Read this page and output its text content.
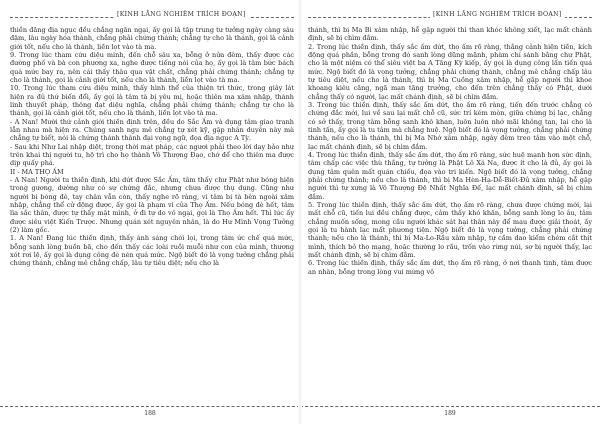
[KINH LĂNG NGHIÊM TRÍCH ĐOẠN]

thiền đăng địa ngục đều chẳng ngăn ngại, ấy gọi là tập trung tư tưởng ngày càng sâu đậm, lâu ngày hóa thành, chẳng phải chứng thánh; chẳng tự cho là thánh, gọi là cảnh giới tốt, nếu cho là thánh, liền lọt vào tà ma.

9. Trong lúc tham cứu diệu minh, đến chỗ sâu xa, bỗng ở nửa đêm, thấy được các đường phố và bà con phương xa, nghe được tiếng nói của họ, ấy gọi là tâm bức bách quá mức bay ra, nên cái thấy thâu qua vật chất, chẳng phải chứng thánh; chẳng tự cho là thánh, gọi là cảnh giới tốt, nếu cho là thánh, liền lọt vào tà ma.

10. Trong lúc tham cứu diệu minh, thấy hình thể của thiện tri thức, trong giây lát hiện ra đủ thứ biến đổi, ấy gọi là tâm tà bị yêu mị, hoặc thiên ma xâm nhập, thành linh thuyết pháp, thông đạt diệu nghĩa, chẳng phải chứng thánh; chẳng tự cho là thánh, gọi là cảnh giới tốt, nếu cho là thánh, liền lọt vào tà ma.

- A Nan! Mười thứ cảnh giới thiền định trên, đều do Sắc Ấm và dụng tâm giao tranh lẫn nhau mà hiện ra. Chúng sanh ngu mê chẳng tự xét kỹ, gặp nhân duyên này mà chẳng tự biết, nói là chứng thánh thành đại vọng ngữ, đọa địa ngục A Tỳ.

- Sau khi Như Lai nhập diệt, trong thời mạt pháp, các ngươi phải theo lời dạy bảo như trên khai thị người tu, hộ trì cho họ thành Vô Thượng Đạo, chớ để cho thiên ma được dịp quấy phá.

II - MA THỌ ẤM

- A Nan! Người tu thiền định, khi dứt được Sắc Ấm, tâm thấy chư Phật như bóng hiện trong gương, dường như có sự chứng đắc, nhưng chưa được thụ dụng. Cũng như người bị bóng đè, tay chân vẫn còn, thấy nghe rõ ràng, vì tâm bị tà bên ngoài xâm nhập, chẳng thể cử động được, ấy gọi là phạm vi của Thọ Ấm. Nếu bóng đè hết, tâm lìa sắc thân, được tự thấy mặt mình, ở đi tự do vô ngại, gọi là Thọ Ấm hết. Thì lúc ấy được siêu việt Kiến Trược. Nhưng quán xét nguyên nhân, là do Hư Minh Vọng Tưởng (2) làm gốc.

1. A Nan! Đang lúc thiền định, thấy ánh sáng chói lọi, trong tâm ức chế quá mức, bỗng sanh lòng buồn bã, cho đến thấy các loài ruồi muỗi như con của mình, thương xót rơi lệ, ấy gọi là dụng công đè nén quá mức. Ngộ biết đó là vọng tưởng chẳng phải chứng thánh, chẳng mê chẳng chấp, lâu tự tiêu diệt; nếu cho là

188
[KINH LĂNG NGHIÊM TRÍCH ĐOẠN]

thánh, thì bị Ma Bi xâm nhập, hễ gặp người thì than khóc không xiết, lạc mất chánh định, sẽ bị chìm đắm.

2. Trong lúc thiền định, thấy sắc ấm dứt, thọ ấm rõ ràng, thắng cảnh hiện tiền, kích động quá phần, bỗng trong đó sanh lòng dũng mãnh, phàm chí sánh bằng chư Phật, cho là một niệm có thể siêu việt ba A Tăng Kỳ kiếp, ấy gọi là dụng công lấn tiến quá mức. Ngộ biết đó là vọng tưởng, chẳng phải chứng thánh, chẳng mê chẳng chấp lâu tự tiêu diệt, nếu cho là thánh, thì bị Ma Cuồng xâm nhập, hễ gặp người thì khoe khoang kiêu căng, ngã mạn tăng trưởng, cho đến trên chẳng thấy có Phật, dưới chẳng thấy có người, lạc mất chánh định, sẽ bị chìm đắm.

3. Trong lúc thiền định, thấy sắc ấm dứt, thọ ấm rõ ràng, tiến đến trước chẳng có chứng đắc mới, lui về sau lại mất chỗ cũ, sức trí kém mòn, giữa chừng bị lạc, chẳng có sở thấy, trong tâm bỗng sanh khô khan, luôn luôn nhớ mãi không tan, lại cho là tinh tấn, ấy gọi là tu tâm mà chẳng huệ. Ngộ biết đó là vọng tưởng, chẳng phải chứng thánh, nếu cho là thánh, thì bị Ma Nhớ xâm nhập, ngày đêm treo tâm vào một chỗ, lạc mất chánh định, sẽ bị chìm đắm.

4. Trong lúc thiền định, thấy sắc ấm dứt, thọ ấm rõ ràng, sức huệ mạnh hơn sức định, tâm chấp các việc thù thắng, tự tưởng là Phật Lô Xá Na, được ít cho là đủ, ấy gọi là dụng tâm quên mất quán chiếu, đọa vào tri kiến. Ngộ biết đó là vọng tưởng, chẳng phải chứng thánh; nếu cho là thánh, thì bị Ma Hèn-Hạ-Dễ-Biết-Đủ xâm nhập, hễ gặp người thì tự xưng là Vô Thượng Đệ Nhất Nghĩa Đế, lạc mất chánh định, sẽ bị chìm đắm.

5. Trong lúc thiền định, thấy sắc ấm dứt, thọ ấm rõ ràng, chưa được chứng mới, lại mất chỗ cũ, tiến lui đều chẳng được, cảm thấy khó khăn, bỗng sanh lòng lo âu, tâm chẳng muốn sống, mong cầu người khác sát hại thân này để mau được giải thoát, ấy gọi là tu hành lạc mất phương tiện. Ngộ biết đó là vọng tưởng, chẳng phải chứng thánh; nếu cho là thánh, thì bị Ma-Lo-Rầu xâm nhập, tự cầm dao kiếm chém cắt thịt mình, thích bỏ thọ mạng, hoặc thường lo rầu, trốn vào rừng núi, sợ bị người thấy, lạc mất chánh định, sẽ bị chìm đắm.

6. Trong lúc thiền định, thấy sắc ấm dứt, thọ ấm rõ ràng, ở nơi thanh tịnh, tâm được an nhàn, bỗng trong lòng vui mừng vô

189
